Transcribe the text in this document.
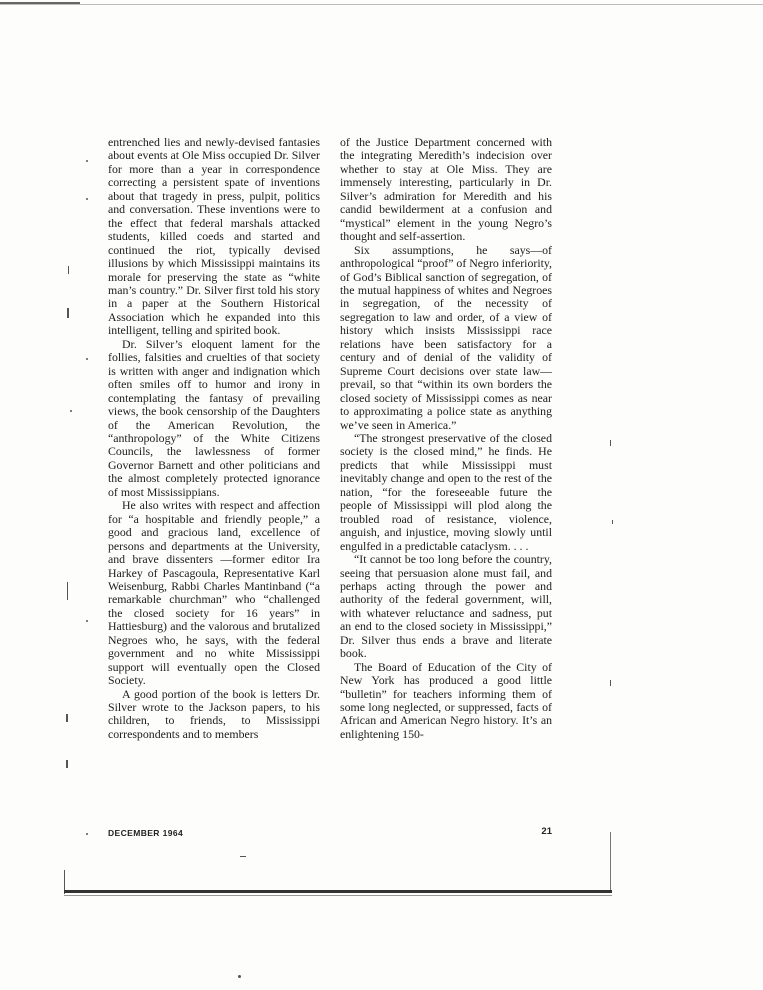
entrenched lies and newly-devised fantasies about events at Ole Miss occupied Dr. Silver for more than a year in correspondence correcting a persistent spate of inventions about that tragedy in press, pulpit, politics and conversation. These inventions were to the effect that federal marshals attacked students, killed coeds and started and continued the riot, typically devised illusions by which Mississippi maintains its morale for preserving the state as “white man’s country.” Dr. Silver first told his story in a paper at the Southern Historical Association which he expanded into this intelligent, telling and spirited book.

Dr. Silver’s eloquent lament for the follies, falsities and cruelties of that society is written with anger and indignation which often smiles off to humor and irony in contemplating the fantasy of prevailing views, the book censorship of the Daughters of the American Revolution, the “anthropology” of the White Citizens Councils, the lawlessness of former Governor Barnett and other politicians and the almost completely protected ignorance of most Mississippians.

He also writes with respect and affection for “a hospitable and friendly people,” a good and gracious land, excellence of persons and departments at the University, and brave dissenters —former editor Ira Harkey of Pascagoula, Representative Karl Weisenburg, Rabbi Charles Mantinband (“a remarkable churchman” who “challenged the closed society for 16 years” in Hattiesburg) and the valorous and brutalized Negroes who, he says, with the federal government and no white Mississippi support will eventually open the Closed Society.

A good portion of the book is letters Dr. Silver wrote to the Jackson papers, to his children, to friends, to Mississippi correspondents and to members

of the Justice Department concerned with the integrating Meredith’s indecision over whether to stay at Ole Miss. They are immensely interesting, particularly in Dr. Silver’s admiration for Meredith and his candid bewilderment at a confusion and “mystical” element in the young Negro’s thought and self-assertion.

Six assumptions, he says—of anthropological “proof” of Negro inferiority, of God’s Biblical sanction of segregation, of the mutual happiness of whites and Negroes in segregation, of the necessity of segregation to law and order, of a view of history which insists Mississippi race relations have been satisfactory for a century and of denial of the validity of Supreme Court decisions over state law—prevail, so that “within its own borders the closed society of Mississippi comes as near to approximating a police state as anything we’ve seen in America.”

“The strongest preservative of the closed society is the closed mind,” he finds. He predicts that while Mississippi must inevitably change and open to the rest of the nation, “for the foreseeable future the people of Mississippi will plod along the troubled road of resistance, violence, anguish, and injustice, moving slowly until engulfed in a predictable cataclysm. . . .

“It cannot be too long before the country, seeing that persuasion alone must fail, and perhaps acting through the power and authority of the federal government, will, with whatever reluctance and sadness, put an end to the closed society in Mississippi,” Dr. Silver thus ends a brave and literate book.

The Board of Education of the City of New York has produced a good little “bulletin” for teachers informing them of some long neglected, or suppressed, facts of African and American Negro history. It’s an enlightening 150-

DECEMBER 1964	21
